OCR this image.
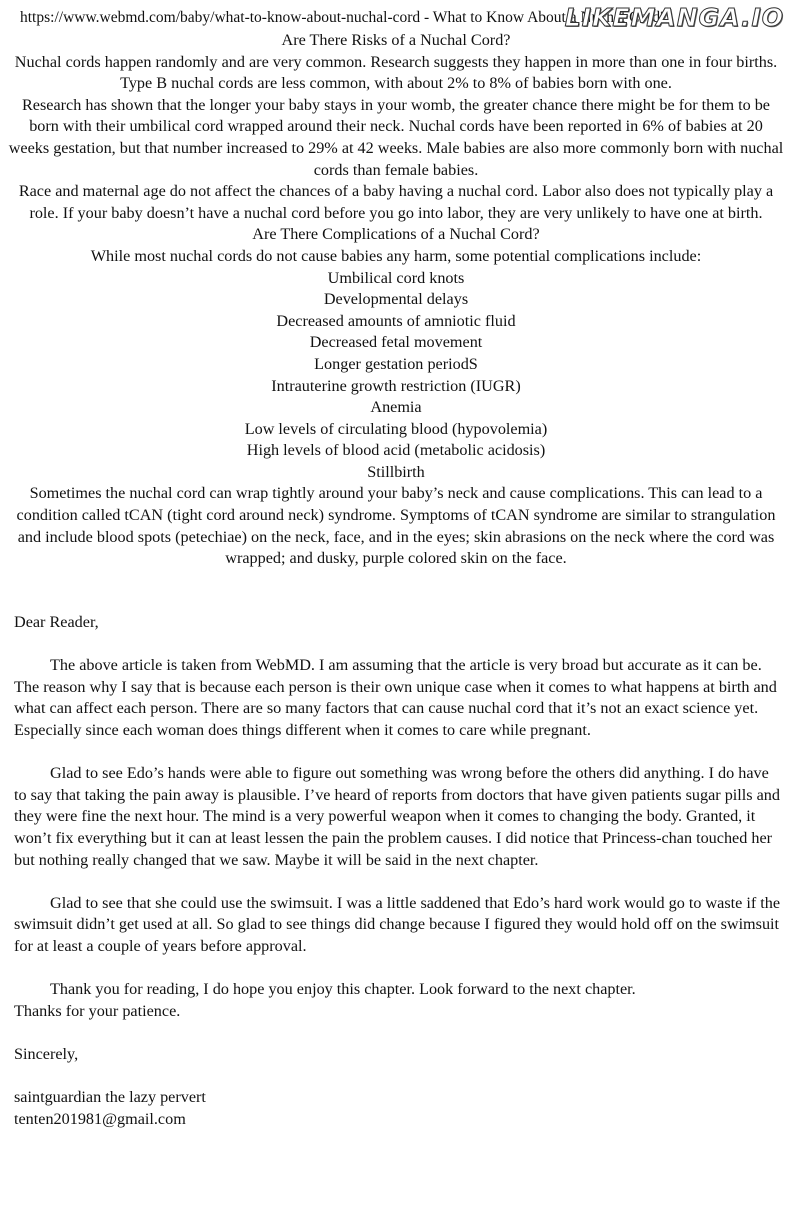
https://www.webmd.com/baby/what-to-know-about-nuchal-cord - What to Know About a Nuchal Cord?
LIKEMANGA.IO

Are There Risks of a Nuchal Cord?

Nuchal cords happen randomly and are very common. Research suggests they happen in more than one in four births. Type B nuchal cords are less common, with about 2% to 8% of babies born with one.

Research has shown that the longer your baby stays in your womb, the greater chance there might be for them to be born with their umbilical cord wrapped around their neck. Nuchal cords have been reported in 6% of babies at 20 weeks gestation, but that number increased to 29% at 42 weeks. Male babies are also more commonly born with nuchal cords than female babies.

Race and maternal age do not affect the chances of a baby having a nuchal cord. Labor also does not typically play a role. If your baby doesn’t have a nuchal cord before you go into labor, they are very unlikely to have one at birth.

Are There Complications of a Nuchal Cord?

While most nuchal cords do not cause babies any harm, some potential complications include:

Umbilical cord knots
Developmental delays
Decreased amounts of amniotic fluid
Decreased fetal movement
Longer gestation periodS
Intrauterine growth restriction (IUGR)
Anemia
Low levels of circulating blood (hypovolemia)
High levels of blood acid (metabolic acidosis)
Stillbirth

Sometimes the nuchal cord can wrap tightly around your baby’s neck and cause complications. This can lead to a condition called tCAN (tight cord around neck) syndrome. Symptoms of tCAN syndrome are similar to strangulation and include blood spots (petechiae) on the neck, face, and in the eyes; skin abrasions on the neck where the cord was wrapped; and dusky, purple colored skin on the face.

Dear Reader,

The above article is taken from WebMD. I am assuming that the article is very broad but accurate as it can be. The reason why I say that is because each person is their own unique case when it comes to what happens at birth and what can affect each person. There are so many factors that can cause nuchal cord that it’s not an exact science yet. Especially since each woman does things different when it comes to care while pregnant.

Glad to see Edo’s hands were able to figure out something was wrong before the others did anything. I do have to say that taking the pain away is plausible. I’ve heard of reports from doctors that have given patients sugar pills and they were fine the next hour. The mind is a very powerful weapon when it comes to changing the body. Granted, it won’t fix everything but it can at least lessen the pain the problem causes. I did notice that Princess-chan touched her but nothing really changed that we saw. Maybe it will be said in the next chapter.

Glad to see that she could use the swimsuit. I was a little saddened that Edo’s hard work would go to waste if the swimsuit didn’t get used at all. So glad to see things did change because I figured they would hold off on the swimsuit for at least a couple of years before approval.

Thank you for reading, I do hope you enjoy this chapter. Look forward to the next chapter.

Thanks for your patience.

Sincerely,

saintguardian the lazy pervert

tenten201981@gmail.com
